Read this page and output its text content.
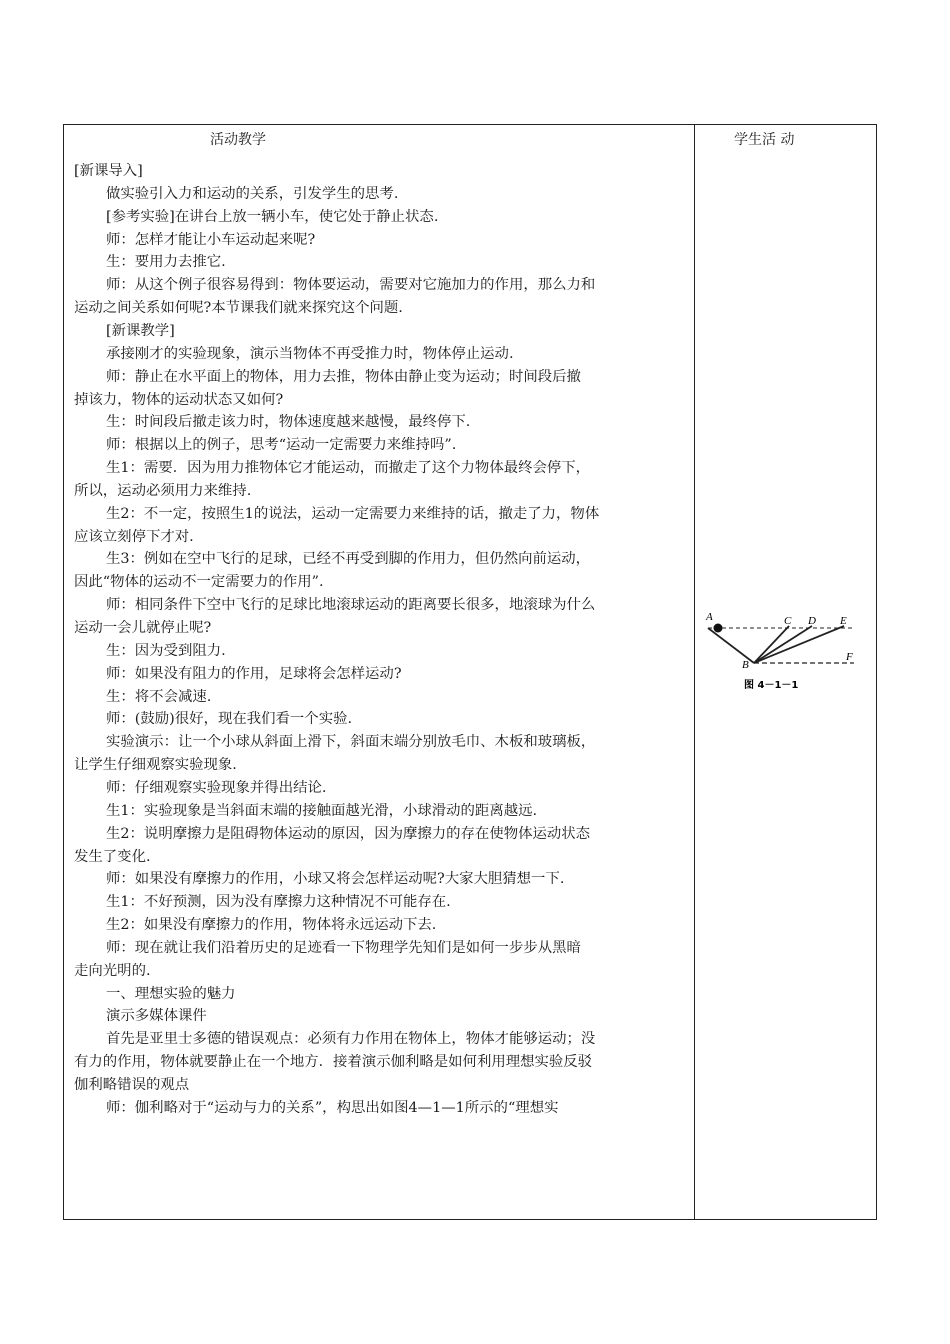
活动教学	学生活 动
[新课导入]
做实验引入力和运动的关系，引发学生的思考.
[参考实验]在讲台上放一辆小车，使它处于静止状态.
师：怎样才能让小车运动起来呢?
生：要用力去推它.
师：从这个例子很容易得到：物体要运动，需要对它施加力的作用，那么力和
运动之间关系如何呢?本节课我们就来探究这个问题.
[新课教学]
承接刚才的实验现象，演示当物体不再受推力时，物体停止运动.
师：静止在水平面上的物体，用力去推，物体由静止变为运动；时间段后撤
掉该力，物体的运动状态又如何?
生：时间段后撤走该力时，物体速度越来越慢，最终停下.
师：根据以上的例子，思考“运动一定需要力来维持吗”.
生1：需要．因为用力推物体它才能运动，而撤走了这个力物体最终会停下，
所以，运动必须用力来维持.
生2：不一定，按照生1的说法，运动一定需要力来维持的话，撤走了力，物体
应该立刻停下才对.
生3：例如在空中飞行的足球，已经不再受到脚的作用力，但仍然向前运动，
因此“物体的运动不一定需要力的作用”.
师：相同条件下空中飞行的足球比地滚球运动的距离要长很多，地滚球为什么
运动一会儿就停止呢?
生：因为受到阻力.
师：如果没有阻力的作用，足球将会怎样运动?
生：将不会减速.
师：(鼓励)很好，现在我们看一个实验.
实验演示：让一个小球从斜面上滑下，斜面末端分别放毛巾、木板和玻璃板，
让学生仔细观察实验现象.
师：仔细观察实验现象并得出结论.
生1：实验现象是当斜面末端的接触面越光滑，小球滑动的距离越远.
生2：说明摩擦力是阻碍物体运动的原因，因为摩擦力的存在使物体运动状态
发生了变化.
师：如果没有摩擦力的作用，小球又将会怎样运动呢?大家大胆猜想一下.
生1：不好预测，因为没有摩擦力这种情况不可能存在.
生2：如果没有摩擦力的作用，物体将永远运动下去.
师：现在就让我们沿着历史的足迹看一下物理学先知们是如何一步步从黑暗
走向光明的.
一、理想实验的魅力
演示多媒体课件
首先是亚里士多德的错误观点：必须有力作用在物体上，物体才能够运动；没
有力的作用，物体就要静止在一个地方．接着演示伽利略是如何利用理想实验反驳
伽利略错误的观点
师：伽利略对于“运动与力的关系”，构思出如图4—1—1所示的“理想实
A
B
C D E
F
图 4－1－1
